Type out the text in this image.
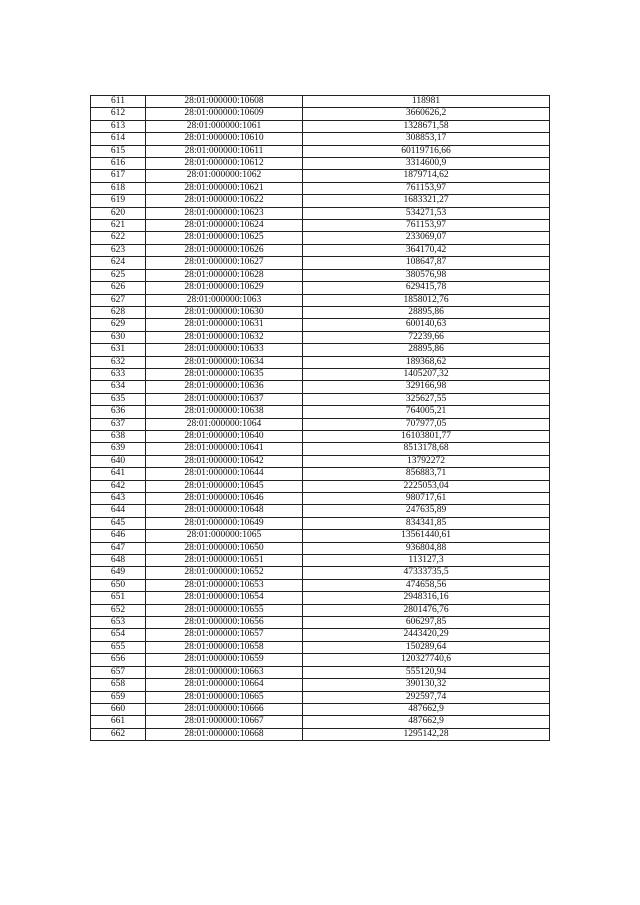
611	28:01:000000:10608	118981
612	28:01:000000:10609	3660626,2
613	28:01:000000:1061	1328671,58
614	28:01:000000:10610	308853,17
615	28:01:000000:10611	60119716,66
616	28:01:000000:10612	3314600,9
617	28:01:000000:1062	1879714,62
618	28:01:000000:10621	761153,97
619	28:01:000000:10622	1683321,27
620	28:01:000000:10623	534271,53
621	28:01:000000:10624	761153,97
622	28:01:000000:10625	233069,07
623	28:01:000000:10626	364170,42
624	28:01:000000:10627	108647,87
625	28:01:000000:10628	380576,98
626	28:01:000000:10629	629415,78
627	28:01:000000:1063	1858012,76
628	28:01:000000:10630	28895,86
629	28:01:000000:10631	600140,63
630	28:01:000000:10632	72239,66
631	28:01:000000:10633	28895,86
632	28:01:000000:10634	189368,62
633	28:01:000000:10635	1405207,32
634	28:01:000000:10636	329166,98
635	28:01:000000:10637	325627,55
636	28:01:000000:10638	764005,21
637	28:01:000000:1064	707977,05
638	28:01:000000:10640	16103801,77
639	28:01:000000:10641	8513178,68
640	28:01:000000:10642	13792272
641	28:01:000000:10644	856883,71
642	28:01:000000:10645	2225053,04
643	28:01:000000:10646	980717,61
644	28:01:000000:10648	247635,89
645	28:01:000000:10649	834341,85
646	28:01:000000:1065	13561440,61
647	28:01:000000:10650	936804,88
648	28:01:000000:10651	113127,3
649	28:01:000000:10652	47333735,5
650	28:01:000000:10653	474658,56
651	28:01:000000:10654	2948316,16
652	28:01:000000:10655	2801476,76
653	28:01:000000:10656	606297,85
654	28:01:000000:10657	2443420,29
655	28:01:000000:10658	150289,64
656	28:01:000000:10659	120327740,6
657	28:01:000000:10663	555120,94
658	28:01:000000:10664	390130,32
659	28:01:000000:10665	292597,74
660	28:01:000000:10666	487662,9
661	28:01:000000:10667	487662,9
662	28:01:000000:10668	1295142,28
